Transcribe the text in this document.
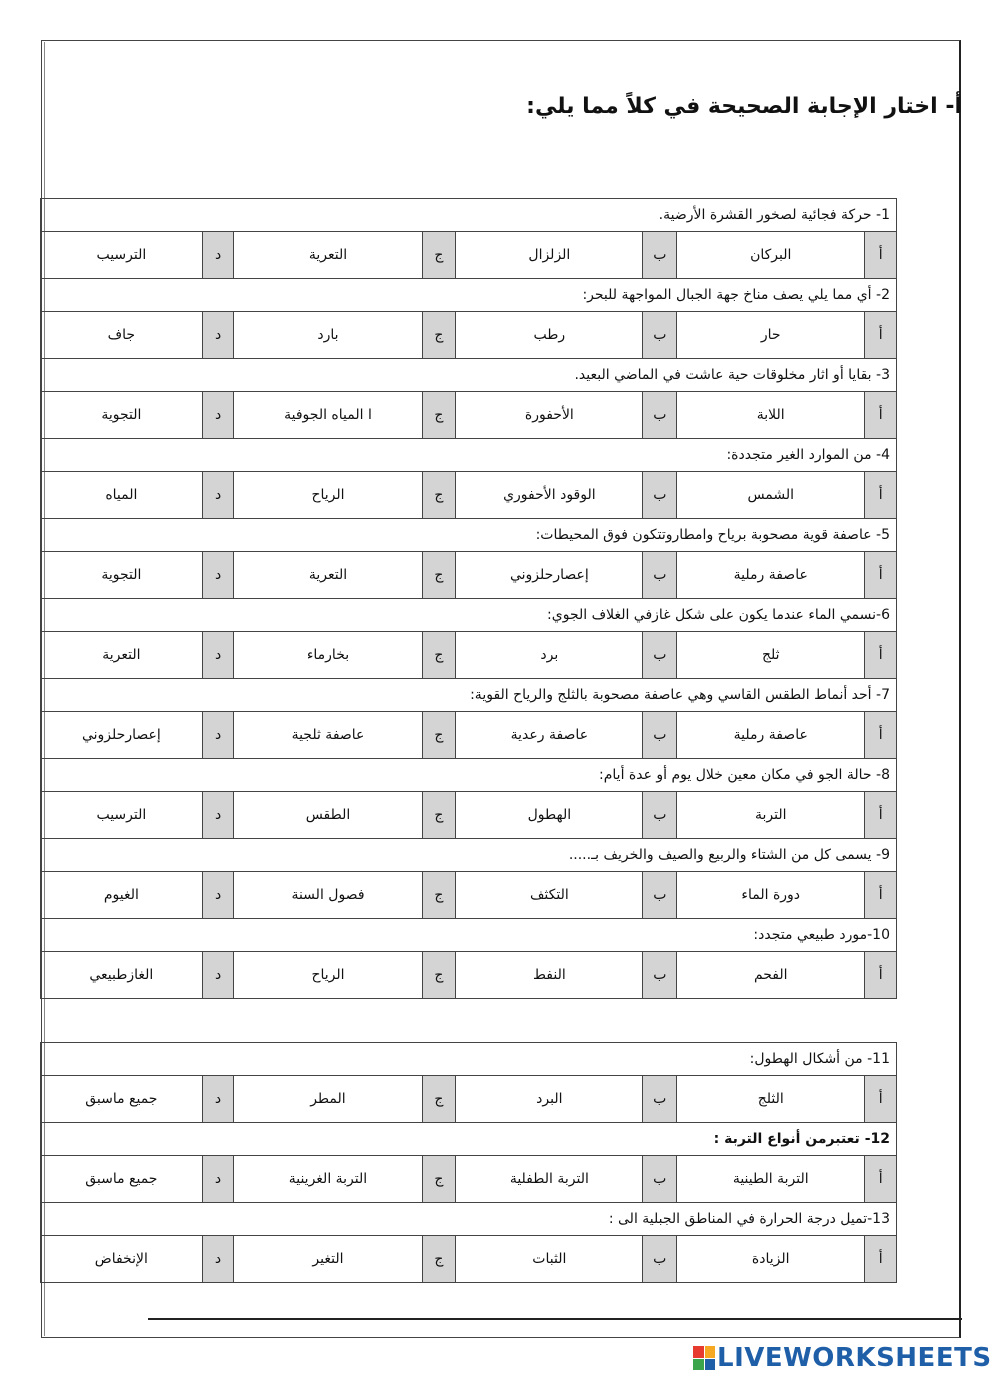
أ- اختار الإجابة الصحيحة في كلاً مما يلي:
1- حركة فجائية لصخور القشرة الأرضية.							
أ	البركان	ب	الزلزال	ج	التعرية	د	الترسيب
2- أي مما يلي يصف مناخ جهة الجبال المواجهة للبحر:							
أ	حار	ب	رطب	ج	بارد	د	جاف
3- بقايا أو اثار مخلوقات حية عاشت في الماضي البعيد.							
أ	اللابة	ب	الأحفورة	ج	ا المياه الجوفية	د	التجوية
4- من الموارد الغير متجددة:							
أ	الشمس	ب	الوقود الأحفوري	ج	الرياح	د	المياه
5- عاصفة قوية مصحوبة برياح وامطاروتتكون فوق المحيطات:							
أ	عاصفة رملية	ب	إعصارحلزوني	ج	التعرية	د	التجوية
6-نسمي الماء عندما يكون على شكل غازفي الغلاف الجوي:							
أ	ثلج	ب	برد	ج	بخارماء	د	التعرية
7- أحد أنماط الطقس القاسي وهي عاصفة مصحوبة بالثلج والرياح القوية:							
أ	عاصفة رملية	ب	عاصفة رعدية	ج	عاصفة ثلجية	د	إعصارحلزوني
8- حالة الجو في مكان معين خلال يوم أو عدة أيام:							
أ	التربة	ب	الهطول	ج	الطقس	د	الترسيب
9- يسمى كل من الشتاء والربيع والصيف والخريف بـ.....							
أ	دورة الماء	ب	التكثف	ج	فصول السنة	د	الغيوم
10-مورد طبيعي متجدد:							
أ	الفحم	ب	النفط	ج	الرياح	د	الغازطبيعي
11- من أشكال الهطول:							
أ	الثلج	ب	البرد	ج	المطر	د	جميع ماسبق
12- تعتبرمن أنواع التربة :							
أ	التربة الطينية	ب	التربة الطفلية	ج	التربة الغرينية	د	جميع ماسبق
13-تميل درجة الحرارة في المناطق الجبلية الى :							
أ	الزيادة	ب	الثبات	ج	التغير	د	الإنخفاض
LIVEWORKSHEETS
